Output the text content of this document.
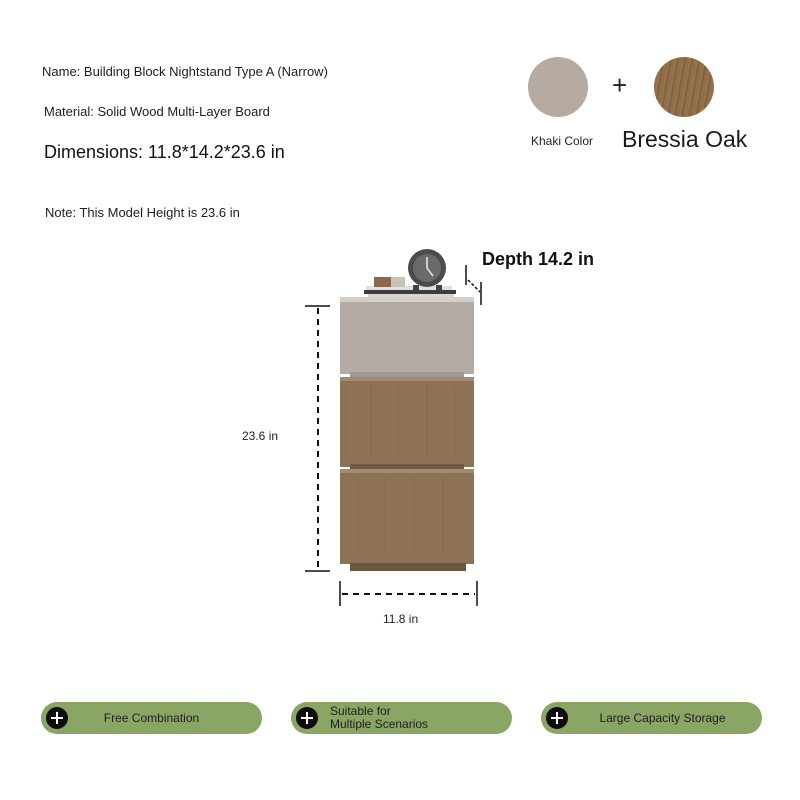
Name: Building Block Nightstand Type A (Narrow)
Material: Solid Wood Multi-Layer Board
Dimensions: 11.8*14.2*23.6 in
Note: This Model Height is 23.6 in
+
Khaki Color	Bressia Oak
Depth 14.2 in
23.6 in
11.8 in
Free Combination	Suitable for Multiple Scenarios	Large Capacity Storage
